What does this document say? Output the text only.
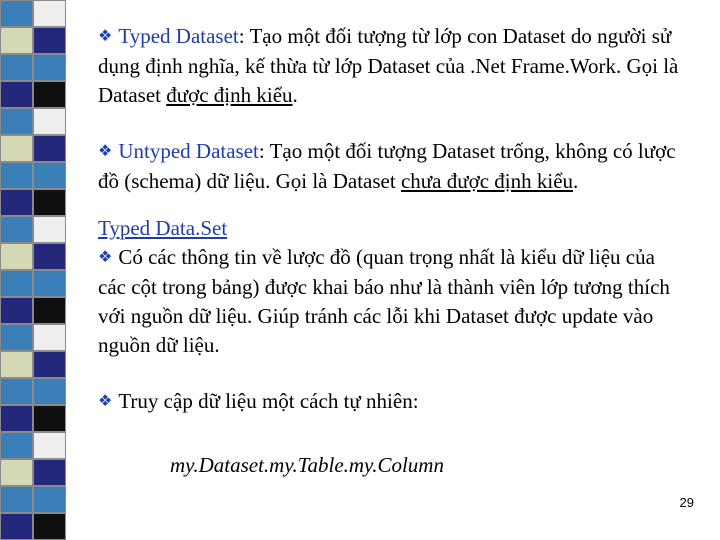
❖ Typed Dataset: Tạo một đối tượng từ lớp con Dataset do người sử dụng định nghĩa, kế thừa từ lớp Dataset của .Net Frame.Work. Gọi là Dataset được định kiểu.

❖ Untyped Dataset: Tạo một đối tượng Dataset trống, không có lược đồ (schema) dữ liệu. Gọi là Dataset chưa được định kiểu.

Typed Data.Set

❖ Có các thông tin về lược đồ (quan trọng nhất là kiểu dữ liệu của các cột trong bảng) được khai báo như là thành viên lớp tương thích với nguồn dữ liệu. Giúp tránh các lỗi khi Dataset được update vào nguồn dữ liệu.

❖ Truy cập dữ liệu một cách tự nhiên:

my.Dataset.my.Table.my.Column

29
